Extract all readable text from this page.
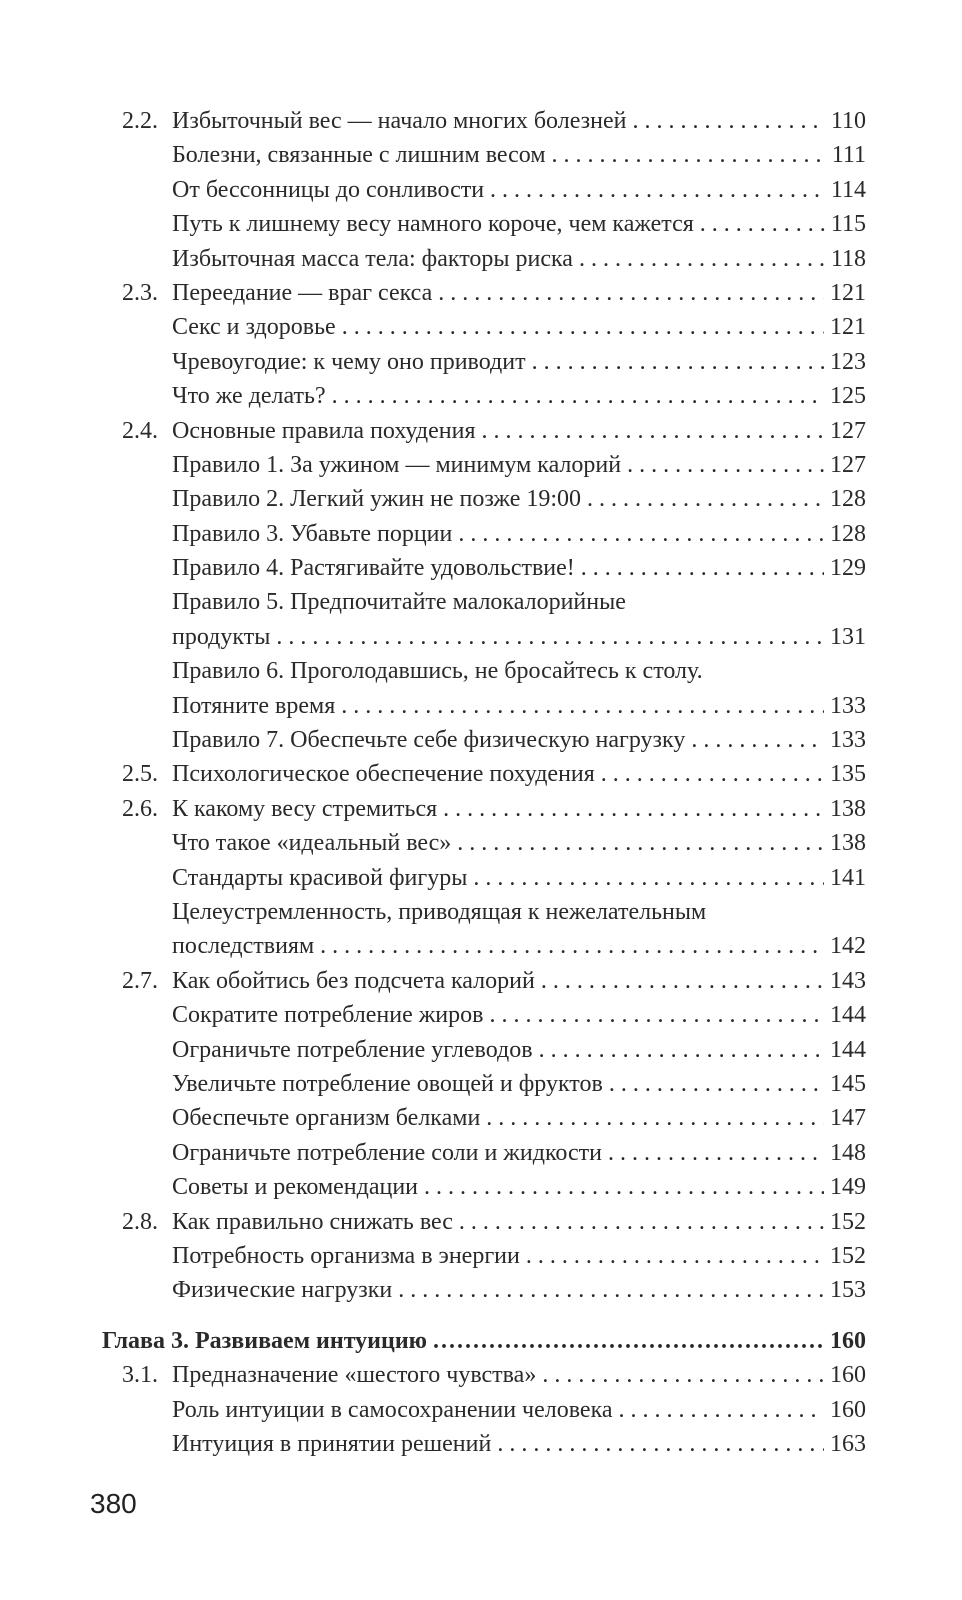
2.2. Избыточный вес — начало многих болезней . . .	110
Болезни, связанные с лишним весом . . .	111
От бессонницы до сонливости . . .	114
Путь к лишнему весу намного короче, чем кажется . . .	115
Избыточная масса тела: факторы риска . . .	118
2.3. Переедание — враг секса . . .	121
Секс и здоровье . . .	121
Чревоугодие: к чему оно приводит . . .	123
Что же делать? . . .	125
2.4. Основные правила похудения . . .	127
Правило 1. За ужином — минимум калорий . . .	127
Правило 2. Легкий ужин не позже 19:00 . . .	128
Правило 3. Убавьте порции . . .	128
Правило 4. Растягивайте удовольствие! . . .	129
Правило 5. Предпочитайте малокалорийные
продукты . . .	131
Правило 6. Проголодавшись, не бросайтесь к столу.
Потяните время . . .	133
Правило 7. Обеспечьте себе физическую нагрузку . . .	133
2.5. Психологическое обеспечение похудения . . .	135
2.6. К какому весу стремиться . . .	138
Что такое «идеальный вес» . . .	138
Стандарты красивой фигуры . . .	141
Целеустремленность, приводящая к нежелательным
последствиям . . .	142
2.7. Как обойтись без подсчета калорий . . .	143
Сократите потребление жиров . . .	144
Ограничьте потребление углеводов . . .	144
Увеличьте потребление овощей и фруктов . . .	145
Обеспечьте организм белками . . .	147
Ограничьте потребление соли и жидкости . . .	148
Советы и рекомендации . . .	149
2.8. Как правильно снижать вес . . .	152
Потребность организма в энергии . . .	152
Физические нагрузки . . .	153
Глава 3. Развиваем интуицию .....	160
3.1. Предназначение «шестого чувства» . . .	160
Роль интуиции в самосохранении человека . . .	160
Интуиция в принятии решений . . .	163
380
